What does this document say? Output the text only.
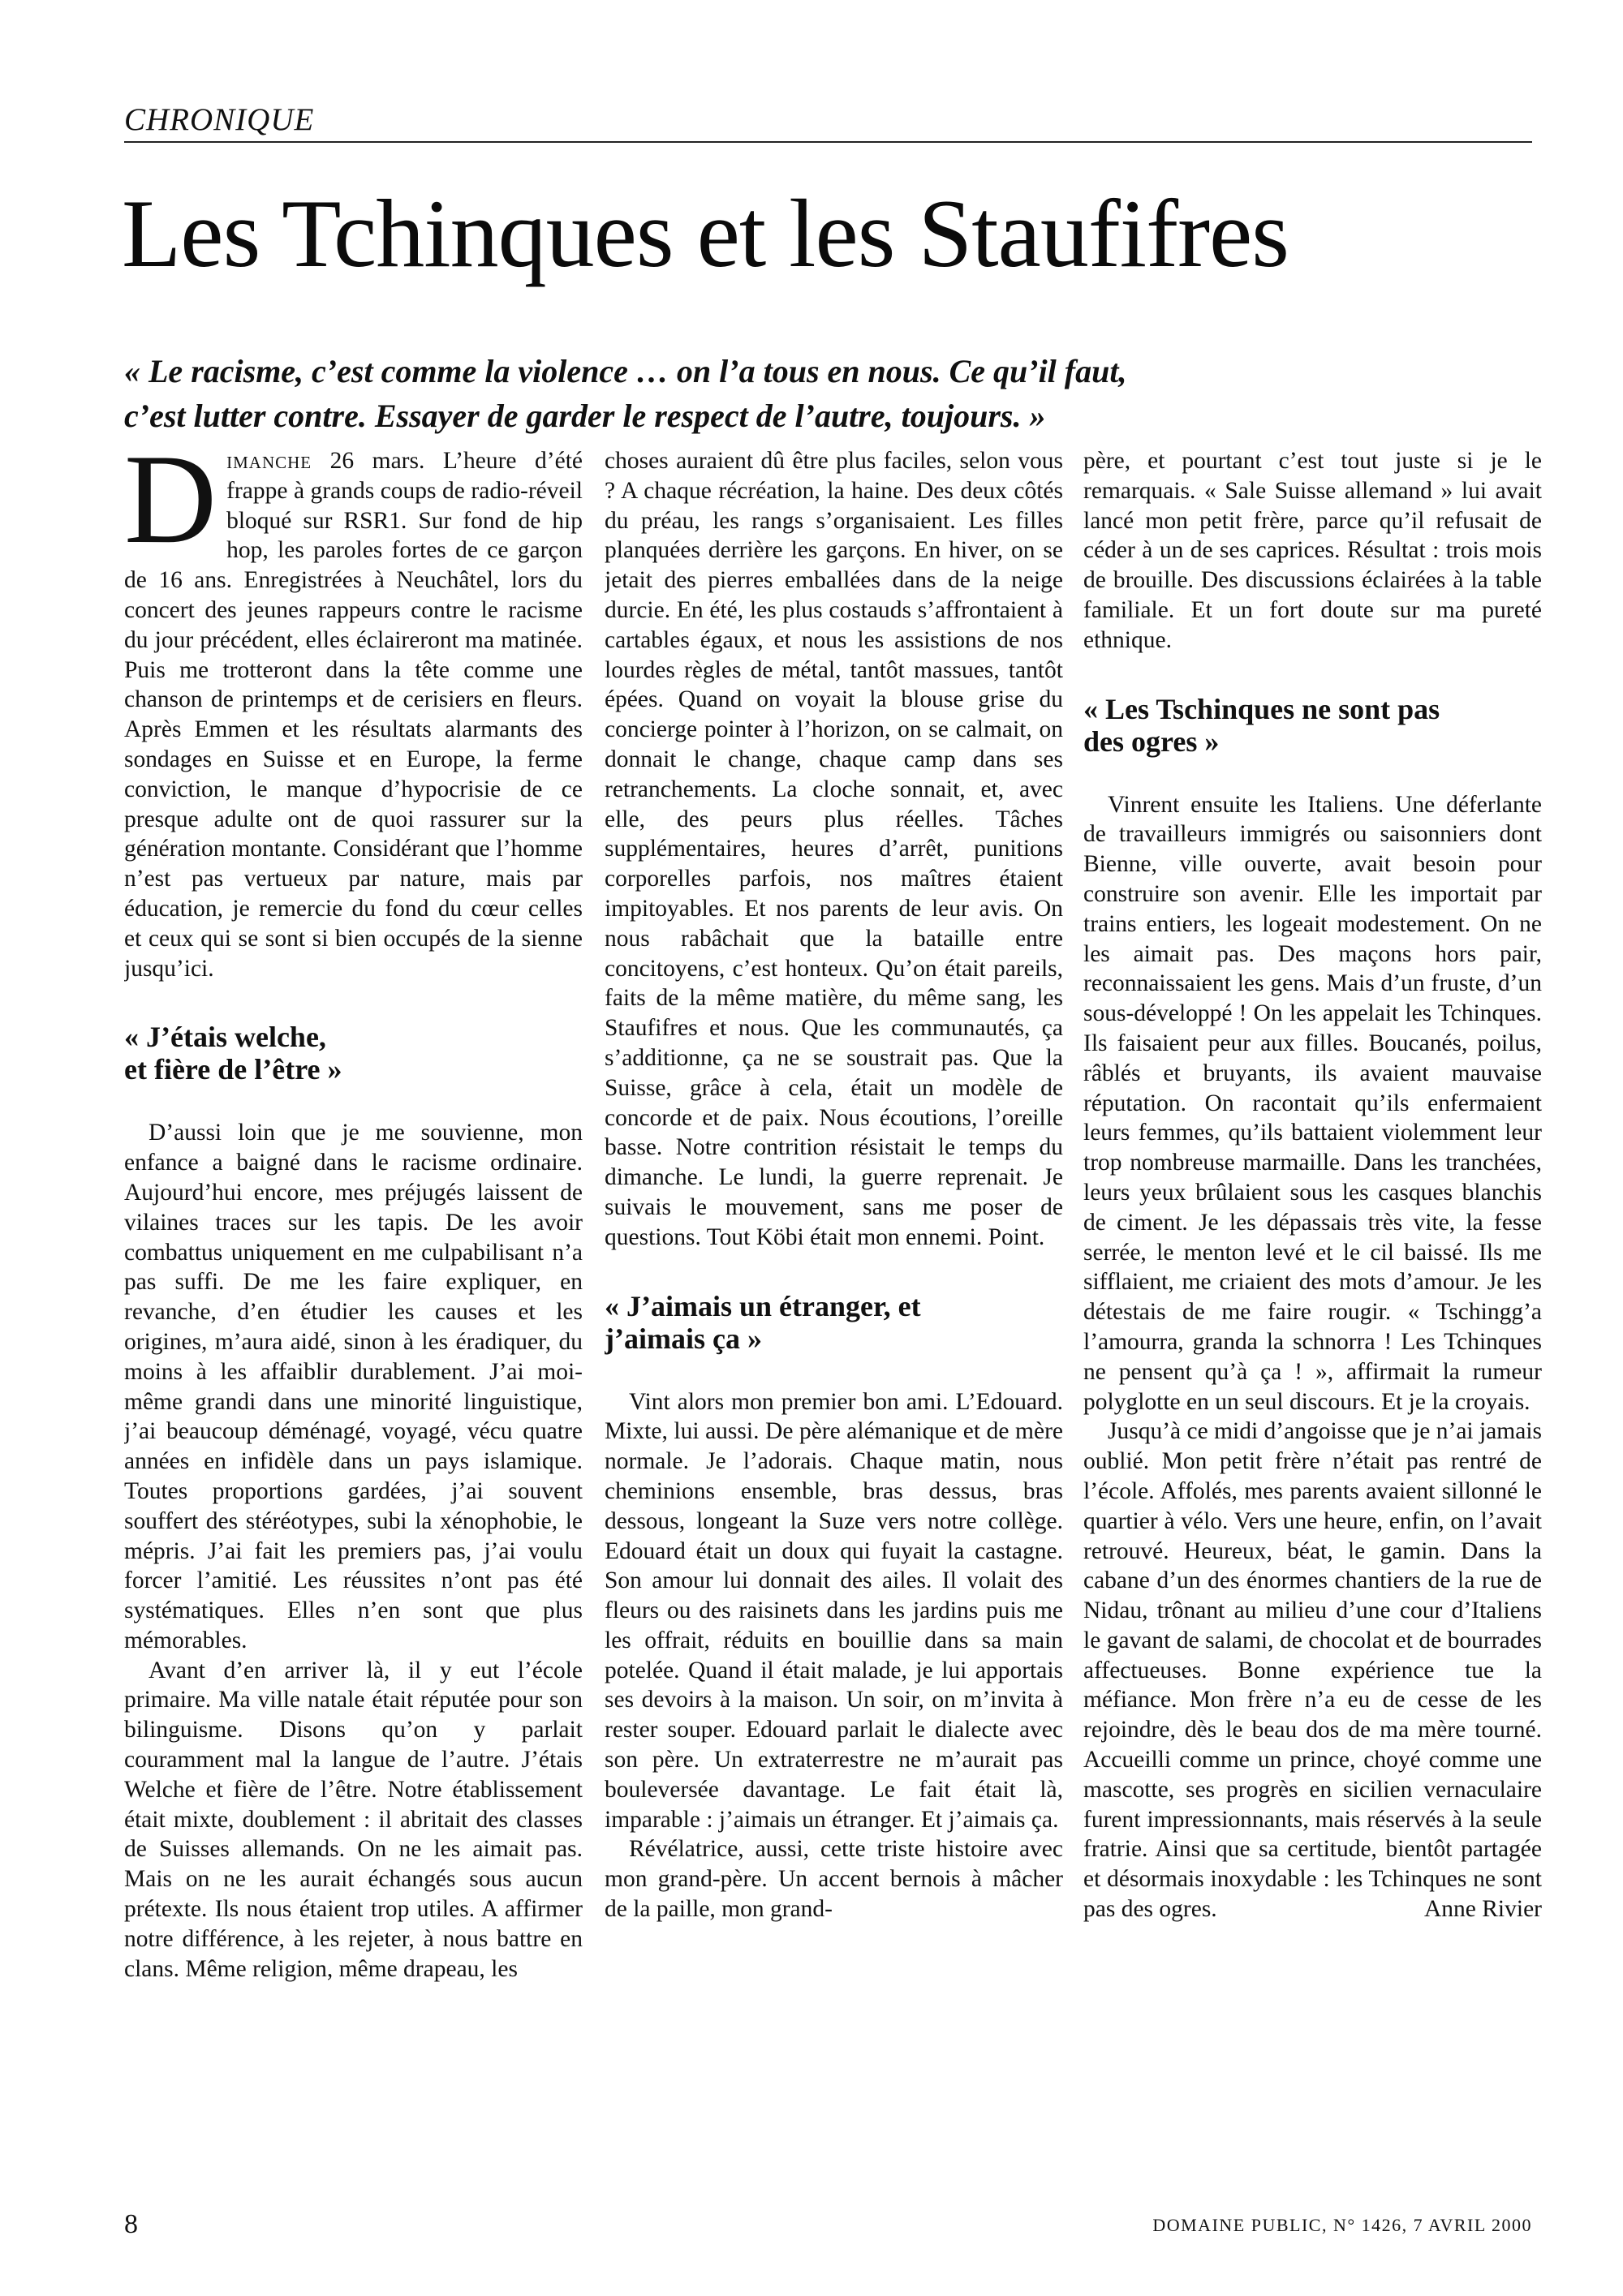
CHRONIQUE
Les Tchinques et les Staufifres
« Le racisme, c’est comme la violence … on l’a tous en nous. Ce qu’il faut,
c’est lutter contre. Essayer de garder le respect de l’autre, toujours. »

Dimanche 26 mars. L’heure d’été frappe à grands coups de radio-réveil bloqué sur RSR1. Sur fond de hip hop, les paroles fortes de ce garçon de 16 ans. Enregistrées à Neuchâtel, lors du concert des jeunes rappeurs contre le racisme du jour précédent, elles éclaireront ma matinée. Puis me trotteront dans la tête comme une chanson de printemps et de cerisiers en fleurs. Après Emmen et les résultats alarmants des sondages en Suisse et en Europe, la ferme conviction, le manque d’hypocrisie de ce presque adulte ont de quoi rassurer sur la génération montante. Considérant que l’homme n’est pas vertueux par nature, mais par éducation, je remercie du fond du cœur celles et ceux qui se sont si bien occupés de la sienne jusqu’ici.

« J’étais welche,
et fière de l’être »

D’aussi loin que je me souvienne, mon enfance a baigné dans le racisme ordinaire. Aujourd’hui encore, mes préjugés laissent de vilaines traces sur les tapis. De les avoir combattus uniquement en me culpabilisant n’a pas suffi. De me les faire expliquer, en revanche, d’en étudier les causes et les origines, m’aura aidé, sinon à les éradiquer, du moins à les affaiblir durablement. J’ai moi-même grandi dans une minorité linguistique, j’ai beaucoup déménagé, voyagé, vécu quatre années en infidèle dans un pays islamique. Toutes proportions gardées, j’ai souvent souffert des stéréotypes, subi la xénophobie, le mépris. J’ai fait les premiers pas, j’ai voulu forcer l’amitié. Les réussites n’ont pas été systématiques. Elles n’en sont que plus mémorables.

Avant d’en arriver là, il y eut l’école primaire. Ma ville natale était réputée pour son bilinguisme. Disons qu’on y parlait couramment mal la langue de l’autre. J’étais Welche et fière de l’être. Notre établissement était mixte, doublement : il abritait des classes de Suisses allemands. On ne les aimait pas. Mais on ne les aurait échangés sous aucun prétexte. Ils nous étaient trop utiles. A affirmer notre différence, à les rejeter, à nous battre en clans. Même religion, même drapeau, les

choses auraient dû être plus faciles, selon vous ? A chaque récréation, la haine. Des deux côtés du préau, les rangs s’organisaient. Les filles planquées derrière les garçons. En hiver, on se jetait des pierres emballées dans de la neige durcie. En été, les plus costauds s’affrontaient à cartables égaux, et nous les assistions de nos lourdes règles de métal, tantôt massues, tantôt épées. Quand on voyait la blouse grise du concierge pointer à l’horizon, on se calmait, on donnait le change, chaque camp dans ses retranchements. La cloche sonnait, et, avec elle, des peurs plus réelles. Tâches supplémentaires, heures d’arrêt, punitions corporelles parfois, nos maîtres étaient impitoyables. Et nos parents de leur avis. On nous rabâchait que la bataille entre concitoyens, c’est honteux. Qu’on était pareils, faits de la même matière, du même sang, les Staufifres et nous. Que les communautés, ça s’additionne, ça ne se soustrait pas. Que la Suisse, grâce à cela, était un modèle de concorde et de paix. Nous écoutions, l’oreille basse. Notre contrition résistait le temps du dimanche. Le lundi, la guerre reprenait. Je suivais le mouvement, sans me poser de questions. Tout Köbi était mon ennemi. Point.

« J’aimais un étranger, et
j’aimais ça »

Vint alors mon premier bon ami. L’Edouard. Mixte, lui aussi. De père alémanique et de mère normale. Je l’adorais. Chaque matin, nous cheminions ensemble, bras dessus, bras dessous, longeant la Suze vers notre collège. Edouard était un doux qui fuyait la castagne. Son amour lui donnait des ailes. Il volait des fleurs ou des raisinets dans les jardins puis me les offrait, réduits en bouillie dans sa main potelée. Quand il était malade, je lui apportais ses devoirs à la maison. Un soir, on m’invita à rester souper. Edouard parlait le dialecte avec son père. Un extraterrestre ne m’aurait pas bouleversée davantage. Le fait était là, imparable : j’aimais un étranger. Et j’aimais ça.

Révélatrice, aussi, cette triste histoire avec mon grand-père. Un accent bernois à mâcher de la paille, mon grand-

père, et pourtant c’est tout juste si je le remarquais. « Sale Suisse allemand » lui avait lancé mon petit frère, parce qu’il refusait de céder à un de ses caprices. Résultat : trois mois de brouille. Des discussions éclairées à la table familiale. Et un fort doute sur ma pureté ethnique.

« Les Tschinques ne sont pas
des ogres »

Vinrent ensuite les Italiens. Une déferlante de travailleurs immigrés ou saisonniers dont Bienne, ville ouverte, avait besoin pour construire son avenir. Elle les importait par trains entiers, les logeait modestement. On ne les aimait pas. Des maçons hors pair, reconnaissaient les gens. Mais d’un fruste, d’un sous-développé ! On les appelait les Tchinques. Ils faisaient peur aux filles. Boucanés, poilus, râblés et bruyants, ils avaient mauvaise réputation. On racontait qu’ils enfermaient leurs femmes, qu’ils battaient violemment leur trop nombreuse marmaille. Dans les tranchées, leurs yeux brûlaient sous les casques blanchis de ciment. Je les dépassais très vite, la fesse serrée, le menton levé et le cil baissé. Ils me sifflaient, me criaient des mots d’amour. Je les détestais de me faire rougir. « Tschingg’a l’amourra, granda la schnorra ! Les Tchinques ne pensent qu’à ça ! », affirmait la rumeur polyglotte en un seul discours. Et je la croyais.

Jusqu’à ce midi d’angoisse que je n’ai jamais oublié. Mon petit frère n’était pas rentré de l’école. Affolés, mes parents avaient sillonné le quartier à vélo. Vers une heure, enfin, on l’avait retrouvé. Heureux, béat, le gamin. Dans la cabane d’un des énormes chantiers de la rue de Nidau, trônant au milieu d’une cour d’Italiens le gavant de salami, de chocolat et de bourrades affectueuses. Bonne expérience tue la méfiance. Mon frère n’a eu de cesse de les rejoindre, dès le beau dos de ma mère tourné. Accueilli comme un prince, choyé comme une mascotte, ses progrès en sicilien vernaculaire furent impressionnants, mais réservés à la seule fratrie. Ainsi que sa certitude, bientôt partagée et désormais inoxydable : les Tchinques ne sont pas des ogres.	Anne Rivier

8	DOMAINE PUBLIC, N° 1426, 7 AVRIL 2000
